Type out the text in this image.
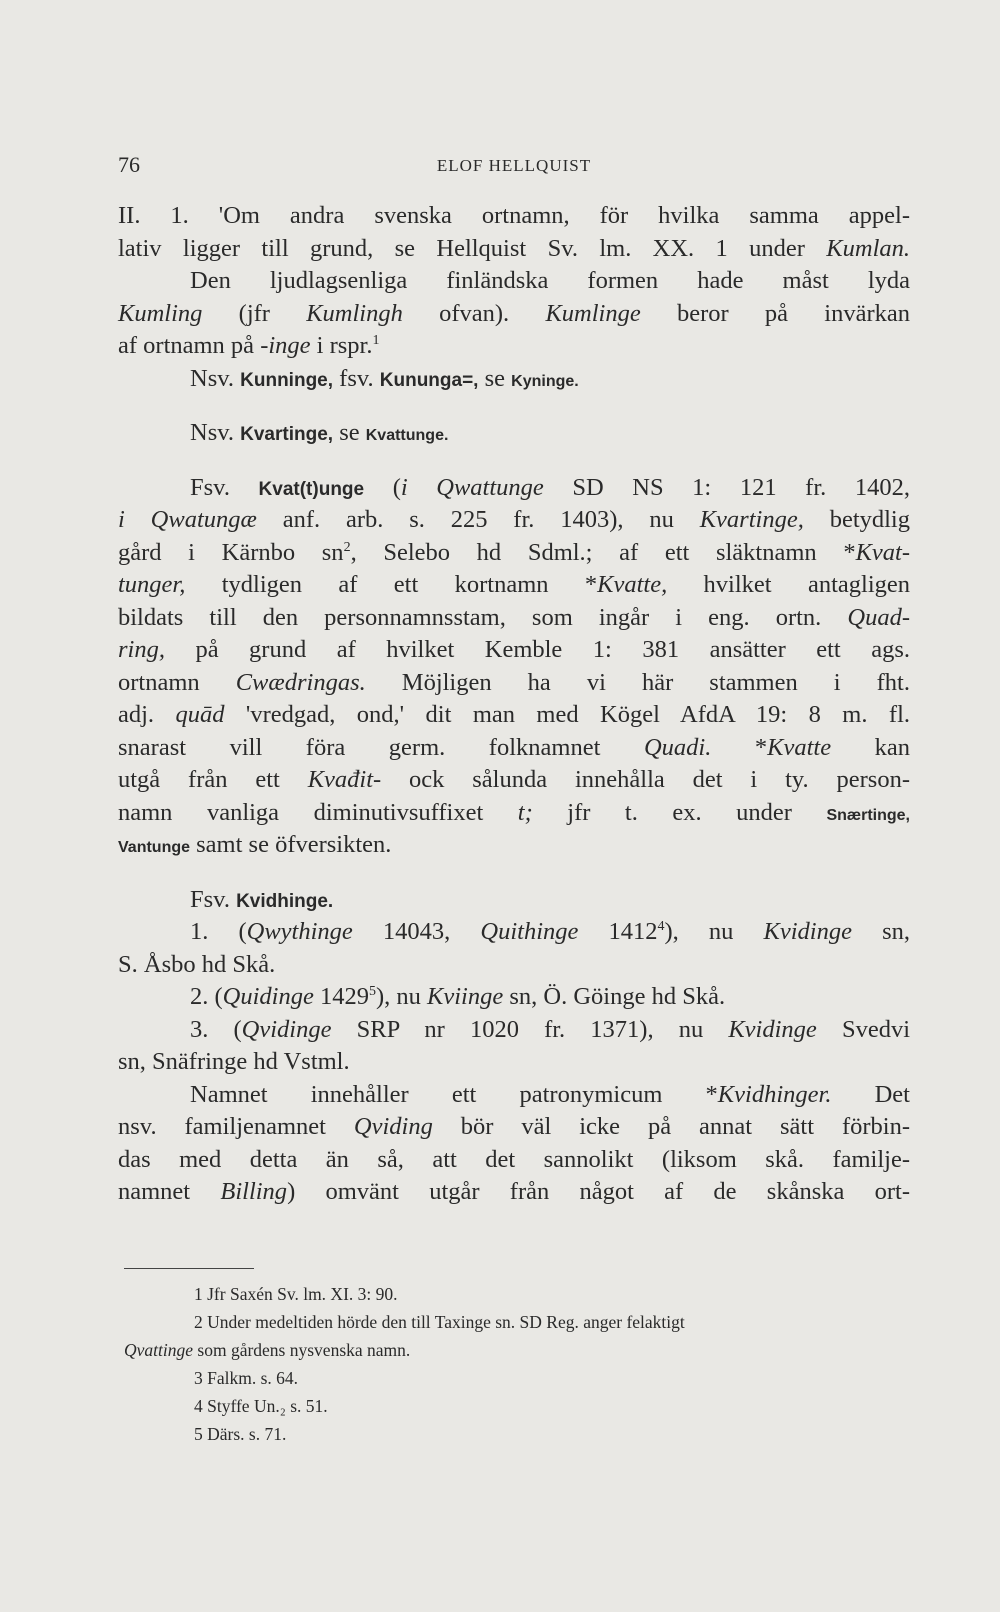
76	ELOF HELLQUIST
II. 1. 'Om andra svenska ortnamn, för hvilka samma appel-
lativ ligger till grund, se Hellquist Sv. lm. XX. 1 under Kumlan.
Den ljudlagsenliga finländska formen hade måst lyda
Kumling (jfr Kumlingh ofvan). Kumlinge beror på invärkan
af ortnamn på -inge i rspr.$^1$
Nsv. Kunninge, fsv. Kununga=, se Kyninge.
Nsv. Kvartinge, se Kvattunge.
Fsv. Kvat(t)unge (i Qwattunge SD NS 1: 121 fr. 1402,
i Qwatungæ anf. arb. s. 225 fr. 1403), nu Kvartinge, betydlig
gård i Kärnbo $sn^2$, Selebo hd Sdml.; af ett släktnamn *Kvat-
tunger, tydligen af ett kortnamn *Kvatte, hvilket antagligen
bildats till den personnamnsstam, som ingår i eng. ortn. Quad-
ring, på grund af hvilket Kemble 1: 381 ansätter ett ags.
ortnamn Cwædringas. Möjligen ha vi här stammen i fht.
adj. quād 'vredgad, ond,' dit man med Kögel AfdA 19: 8 m. fl.
snarast vill föra germ. folknamnet Quadi. *Kvatte kan
utgå från ett Kvađit- ock sålunda innehålla det i ty. person-
namn vanliga diminutivsuffixet t; jfr t. ex. under Snærtinge,
Vantunge samt se öfversikten.
Fsv. Kvidhinge.
1. (Qwythinge 14043, Quithinge 1412$^4$), nu Kvidinge sn,
S. Åsbo hd Skå.
2. (Quidinge 1429$^5$), nu Kviinge sn, Ö. Göinge hd Skå.
3. (Qvidinge SRP nr 1020 fr. 1371), nu Kvidinge Svedvi
sn, Snäfringe hd Vstml.
Namnet innehåller ett patronymicum *Kvidhinger. Det
nsv. familjenamnet Qviding bör väl icke på annat sätt förbin-
das med detta än så, att det sannolikt (liksom skå. familje-
namnet Billing) omvänt utgår från något af de skånska ort-
1 Jfr Saxén Sv. lm. XI. 3: 90.
2 Under medeltiden hörde den till Taxinge sn. SD Reg. anger felaktigt
Qvattinge som gårdens nysvenska namn.
3 Falkm. s. 64.
4 Styffe Un.₂ s. 51.
5 Därs. s. 71.
